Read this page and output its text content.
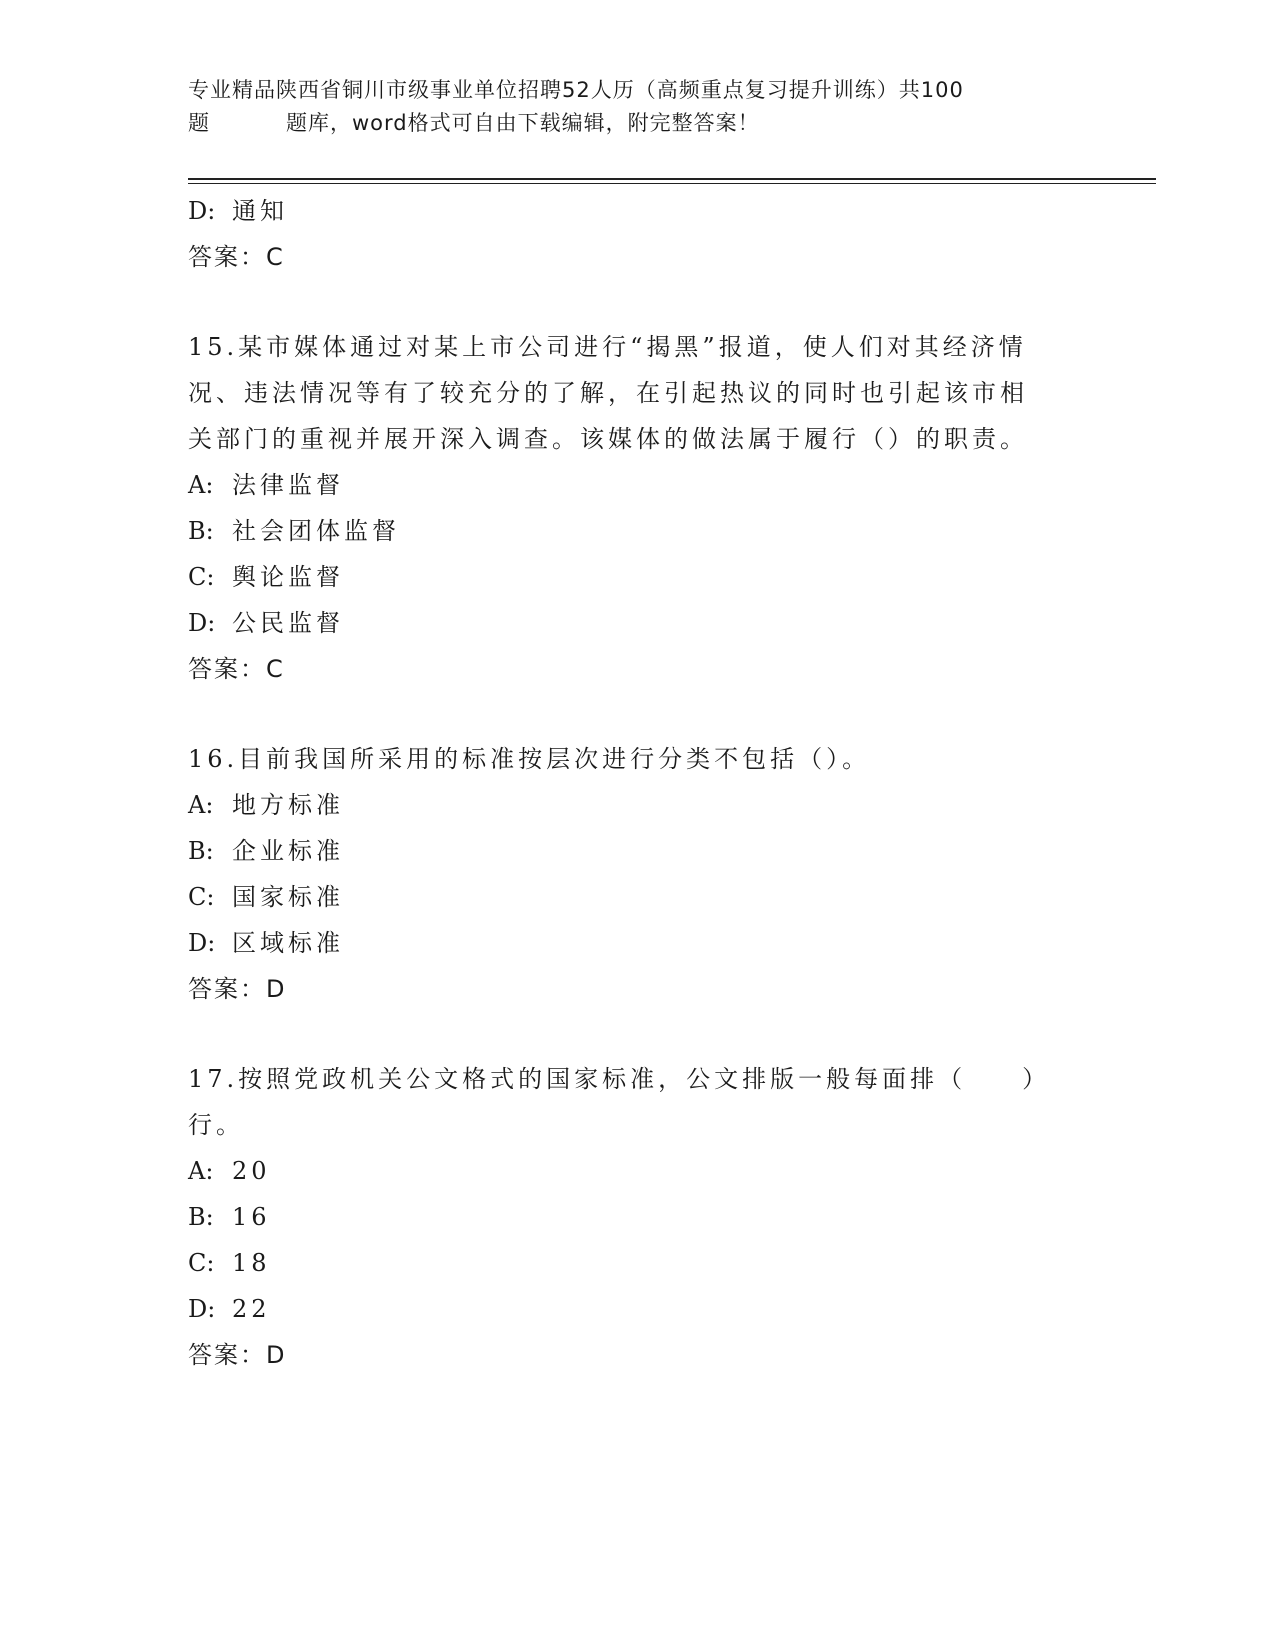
专业精品陕西省铜川市级事业单位招聘52人历（高频重点复习提升训练）共100
题	题库，word格式可自由下载编辑，附完整答案！
D: 通知
答案：C
15.某市媒体通过对某上市公司进行“揭黑”报道，使人们对其经济情
况、违法情况等有了较充分的了解，在引起热议的同时也引起该市相
关部门的重视并展开深入调查。该媒体的做法属于履行（）的职责。
A: 法律监督
B: 社会团体监督
C: 舆论监督
D: 公民监督
答案：C
16.目前我国所采用的标准按层次进行分类不包括（）。
A: 地方标准
B: 企业标准
C: 国家标准
D: 区域标准
答案：D
17.按照党政机关公文格式的国家标准，公文排版一般每面排（　　）
行。
A: 20
B: 16
C: 18
D: 22
答案：D
